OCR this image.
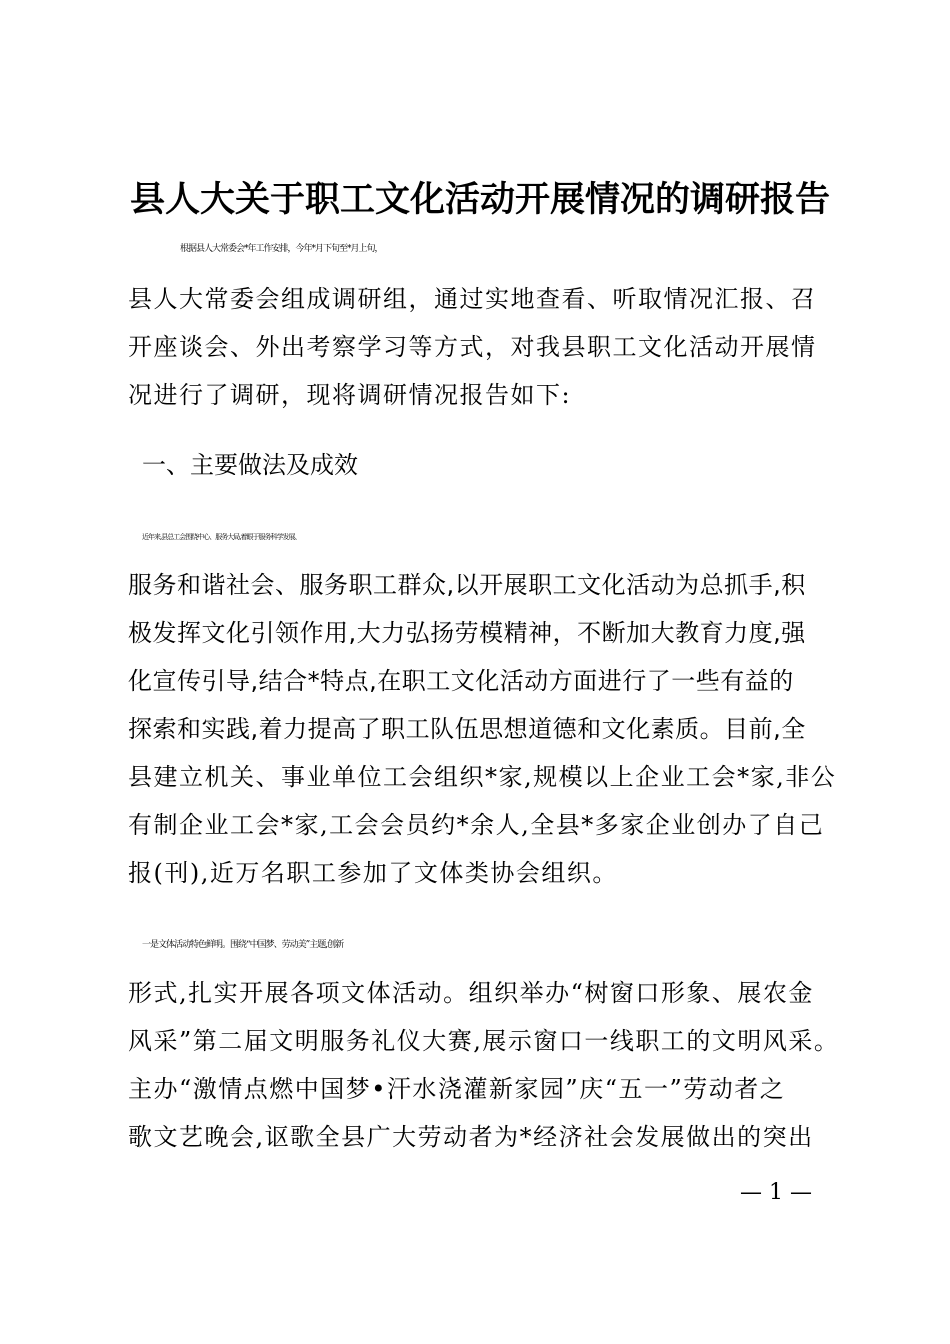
县人大关于职工文化活动开展情况的调研报告
根据县人大常委会*年工作安排，今年*月下旬至*月上旬，
县人大常委会组成调研组，通过实地查看、听取情况汇报、召
开座谈会、外出考察学习等方式，对我县职工文化活动开展情
况进行了调研，现将调研情况报告如下:
一、主要做法及成效
近年来,县总工会围绕中心、服务大局,着眼于服务科学发展、
服务和谐社会、服务职工群众,以开展职工文化活动为总抓手,积
极发挥文化引领作用,大力弘扬劳模精神，不断加大教育力度,强
化宣传引导,结合*特点,在职工文化活动方面进行了一些有益的
探索和实践,着力提高了职工队伍思想道德和文化素质。目前,全
县建立机关、事业单位工会组织*家,规模以上企业工会*家,非公
有制企业工会*家,工会会员约*余人,全县*多家企业创办了自己
报(刊),近万名职工参加了文体类协会组织。
一是文体活动特色鲜明。围绕“中国梦、劳动美”主题,创新
形式,扎实开展各项文体活动。组织举办“树窗口形象、展农金
风采”第二届文明服务礼仪大赛,展示窗口一线职工的文明风采。
主办“激情点燃中国梦•汗水浇灌新家园”庆“五一”劳动者之
歌文艺晚会,讴歌全县广大劳动者为*经济社会发展做出的突出
— 1 —
